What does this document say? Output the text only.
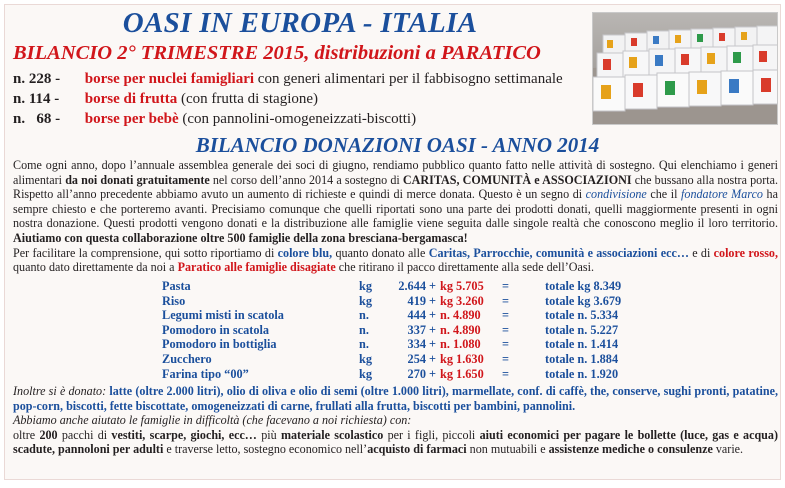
OASI IN EUROPA - ITALIA
BILANCIO 2° TRIMESTRE 2015, distribuzioni a PARATICO
n. 228 - borse per nuclei famigliari con generi alimentari per il fabbisogno settimanale
n. 114 - borse di frutta (con frutta di stagione)
n.   68 - borse per bebè (con pannolini-omogeneizzati-biscotti)
BILANCIO DONAZIONI OASI - ANNO 2014

Come ogni anno, dopo l’annuale assemblea generale dei soci di giugno, rendiamo pubblico quanto fatto nelle attività di sostegno. Qui elenchiamo i generi alimentari da noi donati gratuitamente nel corso dell’anno 2014 a sostegno di CARITAS, COMUNITÀ e ASSOCIAZIONI che bussano alla nostra porta. Rispetto all’anno precedente abbiamo avuto un aumento di richieste e quindi di merce donata. Questo è un segno di condivisione che il fondatore Marco ha sempre chiesto e che porteremo avanti. Precisiamo comunque che quelli riportati sono una parte dei prodotti donati, quelli maggiormente presenti in ogni nostra donazione. Questi prodotti vengono donati e la distribuzione alle famiglie viene seguita dalle singole realtà che conoscono meglio il loro territorio. Aiutiamo con questa collaborazione oltre 500 famiglie della zona bresciana-bergamasca!

Per facilitare la comprensione, qui sotto riportiamo di colore blu, quanto donato alle Caritas, Parrocchie, comunità e associazioni ecc… e di colore rosso, quanto dato direttamente da noi a Paratico alle famiglie disagiate che ritirano il pacco direttamente alla sede dell’Oasi.

Pasta	kg	2.644 + kg 5.705 =	totale kg 8.349
Riso	kg	419 + kg 3.260 =	totale kg 3.679
Legumi misti in scatola	n.	444 + n. 4.890 =	totale n. 5.334
Pomodoro in scatola	n.	337 + n. 4.890 =	totale n. 5.227
Pomodoro in bottiglia	n.	334 + n. 1.080 =	totale n. 1.414
Zucchero	kg	254 + kg 1.630 =	totale n. 1.884
Farina tipo “00”	kg	270 + kg 1.650 =	totale n. 1.920

Inoltre si è donato: latte (oltre 2.000 litri), olio di oliva e olio di semi (oltre 1.000 litri), marmellate, conf. di caffè, the, conserve, sughi pronti, patatine, pop-corn, biscotti, fette biscottate, omogeneizzati di carne, frullati alla frutta, biscotti per bambini, pannolini.

Abbiamo anche aiutato le famiglie in difficoltà (che facevano a noi richiesta) con:

oltre 200 pacchi di vestiti, scarpe, giochi, ecc… più materiale scolastico per i figli, piccoli aiuti economici per pagare le bollette (luce, gas e acqua) scadute, pannoloni per adulti e traverse letto, sostegno economico nell’acquisto di farmaci non mutuabili e assistenze mediche o consulenze varie.
